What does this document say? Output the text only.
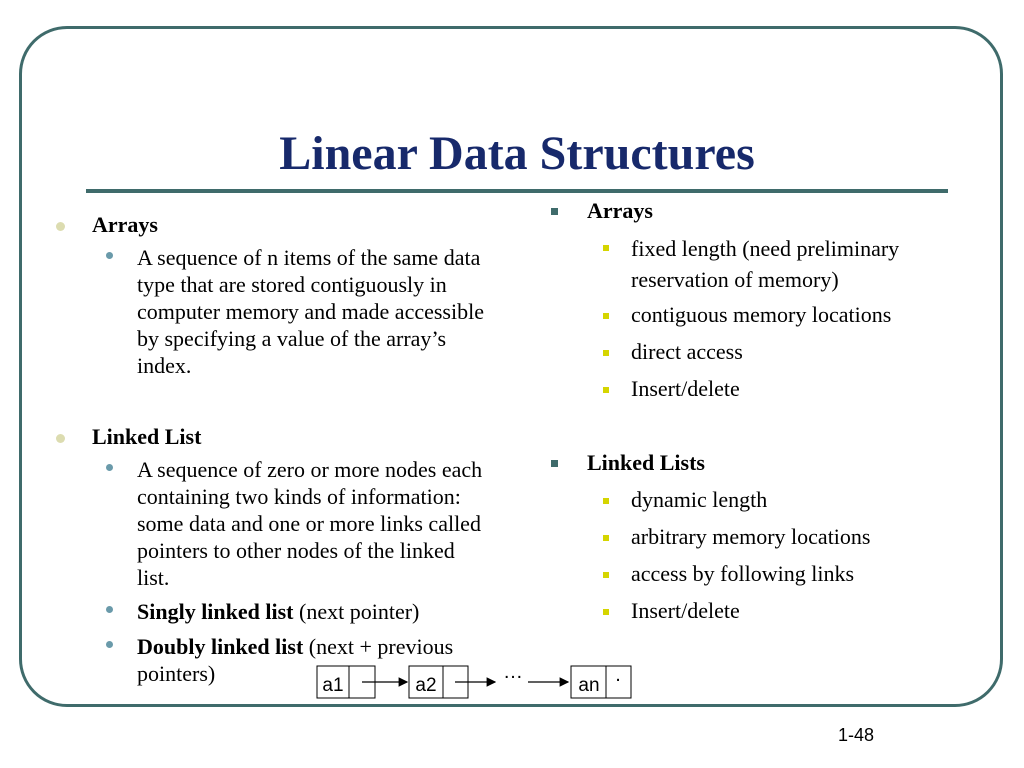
Linear Data Structures

Arrays

A sequence of n items of the same data
type that are stored contiguously in
computer memory and made accessible
by specifying a value of the array’s
index.

Linked List

A sequence of zero or more nodes each
containing two kinds of information:
some data and one or more links called
pointers to other nodes of the linked
list.

Singly linked list (next pointer)

Doubly linked list (next + previous
pointers)

Arrays

fixed length (need preliminary
reservation of memory)

contiguous memory locations

direct access

Insert/delete

Linked Lists

dynamic length

arbitrary memory locations

access by following links

Insert/delete

a1	a2
…
an .
1-48
